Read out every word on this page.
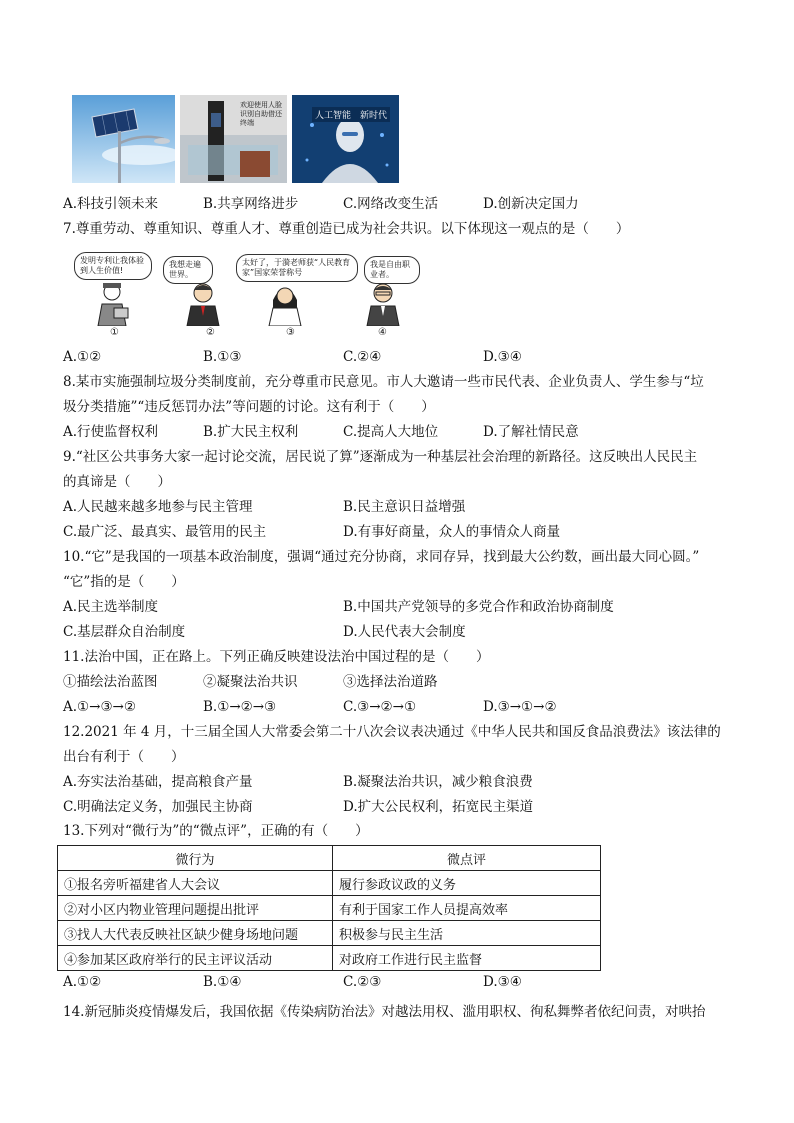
欢迎使用人脸识别自助借还终端
人工智能　新时代
A.科技引领未来	B.共享网络进步	C.网络改变生活	D.创新决定国力
7.尊重劳动、尊重知识、尊重人才、尊重创造已成为社会共识。以下体现这一观点的是（　　）
发明专利让我体验到人生价值!
我想走遍世界。
太好了，于漪老师获“人民教育家”国家荣誉称号
我是自由职业者。
①	②	③	④
A.①②	B.①③	C.②④	D.③④
8.某市实施强制垃圾分类制度前，充分尊重市民意见。市人大邀请一些市民代表、企业负责人、学生参与“垃
圾分类措施”“违反惩罚办法”等问题的讨论。这有利于（　　）
A.行使监督权利	B.扩大民主权利	C.提高人大地位	D.了解社情民意
9.“社区公共事务大家一起讨论交流，居民说了算”逐渐成为一种基层社会治理的新路径。这反映出人民民主
的真谛是（　　）
A.人民越来越多地参与民主管理	B.民主意识日益增强
C.最广泛、最真实、最管用的民主	D.有事好商量，众人的事情众人商量
10.“它”是我国的一项基本政治制度，强调“通过充分协商，求同存异，找到最大公约数，画出最大同心圆。”
“它”指的是（　　）
A.民主选举制度	B.中国共产党领导的多党合作和政治协商制度
C.基层群众自治制度	D.人民代表大会制度
11.法治中国，正在路上。下列正确反映建设法治中国过程的是（　　）
①描绘法治蓝图	②凝聚法治共识	③选择法治道路
A.①→③→②	B.①→②→③	C.③→②→①	D.③→①→②
12.2021 年 4 月，十三届全国人大常委会第二十八次会议表决通过《中华人民共和国反食品浪费法》该法律的
出台有利于（　　）
A.夯实法治基础，提高粮食产量	B.凝聚法治共识，减少粮食浪费
C.明确法定义务，加强民主协商	D.扩大公民权利，拓宽民主渠道
13.下列对“微行为”的“微点评”，正确的有（　　）
微行为	微点评
①报名旁听福建省人大会议	履行参政议政的义务
②对小区内物业管理问题提出批评	有利于国家工作人员提高效率
③找人大代表反映社区缺少健身场地问题	积极参与民主生活
④参加某区政府举行的民主评议活动	对政府工作进行民主监督
A.①②	B.①④	C.②③	D.③④
14.新冠肺炎疫情爆发后，我国依据《传染病防治法》对越法用权、滥用职权、徇私舞弊者依纪问责，对哄抬
